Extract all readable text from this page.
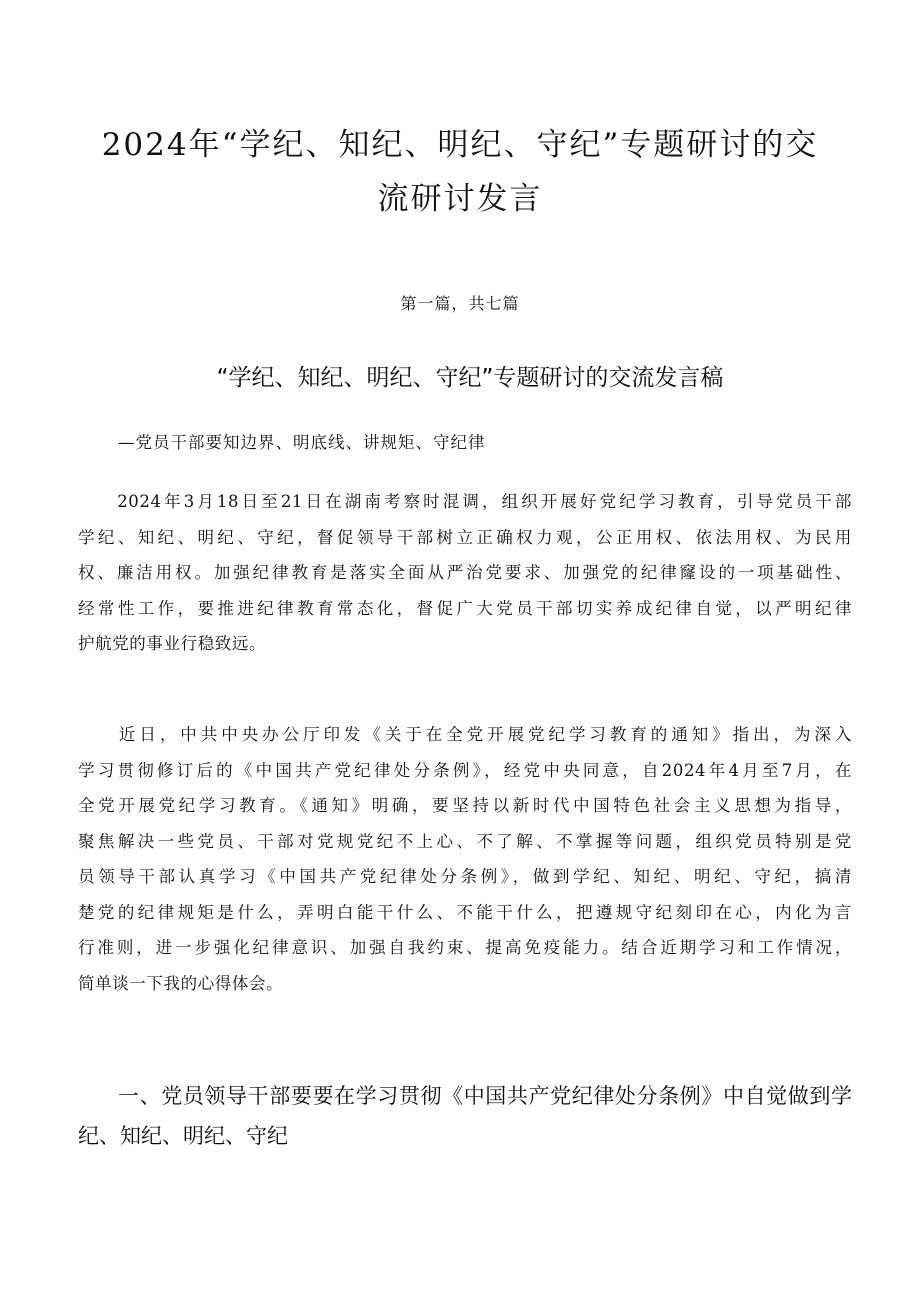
2024年“学纪、知纪、明纪、守纪”专题研讨的交
流研讨发言
第一篇，共七篇
“学纪、知纪、明纪、守纪”专题研讨的交流发言稿
—党员干部要知边界、明底线、讲规矩、守纪律
　　2024年3月18日至21日在湖南考察时混调，组织开展好党纪学习教育，引导党员干部
学纪、知纪、明纪、守纪，督促领导干部树立正确权力观，公正用权、依法用权、为民用
权、廉洁用权。加强纪律教育是落实全面从严治党要求、加强党的纪律窿设的一项基础性、
经常性工作，要推进纪律教育常态化，督促广大党员干部切实养成纪律自觉，以严明纪律
护航党的事业行稳致远。
　　近日，中共中央办公厅印发《关于在全党开展党纪学习教育的通知》指出，为深入
学习贯彻修订后的《中国共产党纪律处分条例》，经党中央同意，自2024年4月至7月，在
全党开展党纪学习教育。《通知》明确，要坚持以新时代中国特色社会主义思想为指导，
聚焦解决一些党员、干部对党规党纪不上心、不了解、不掌握等问题，组织党员特别是党
员领导干部认真学习《中国共产党纪律处分条例》，做到学纪、知纪、明纪、守纪，搞清
楚党的纪律规矩是什么，弄明白能干什么、不能干什么，把遵规守纪刻印在心，内化为言
行准则，进一步强化纪律意识、加强自我约束、提高免疫能力。结合近期学习和工作情况，
简单谈一下我的心得体会。
一、党员领导干部要要在学习贯彻《中国共产党纪律处分条例》中自觉做到学
纪、知纪、明纪、守纪
